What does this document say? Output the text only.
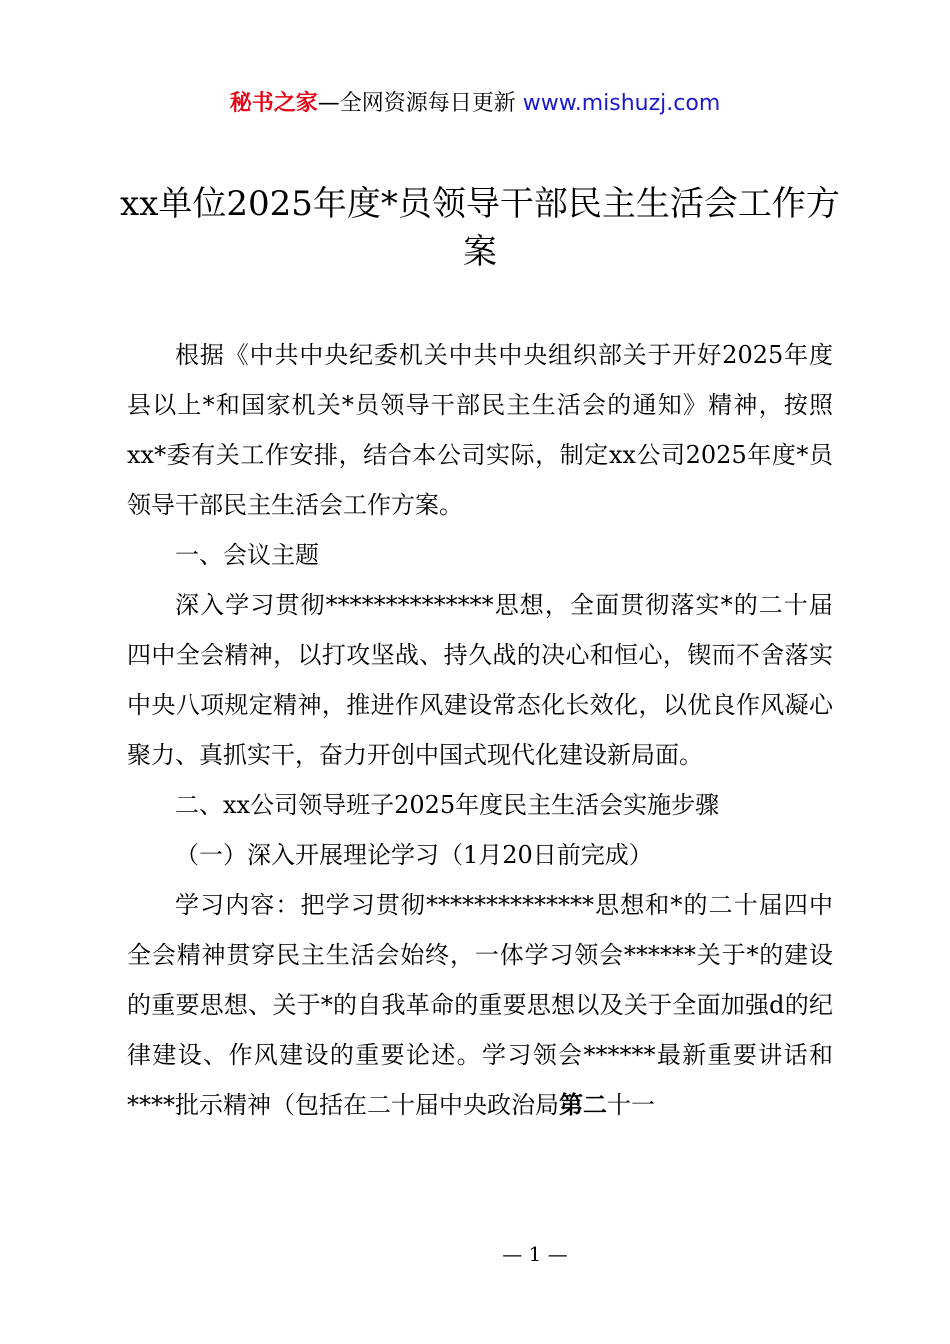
秘书之家—全网资源每日更新 www.mishuzj.com
xx单位2025年度*员领导干部民主生活会工作方案

根据《中共中央纪委机关中共中央组织部关于开好2025年度县以上*和国家机关*员领导干部民主生活会的通知》精神，按照xx*委有关工作安排，结合本公司实际，制定xx公司2025年度*员领导干部民主生活会工作方案。

一、会议主题

深入学习贯彻**************思想，全面贯彻落实*的二十届四中全会精神，以打攻坚战、持久战的决心和恒心，锲而不舍落实中央八项规定精神，推进作风建设常态化长效化，以优良作风凝心聚力、真抓实干，奋力开创中国式现代化建设新局面。

二、xx公司领导班子2025年度民主生活会实施步骤

（一）深入开展理论学习（1月20日前完成）

学习内容：把学习贯彻**************思想和*的二十届四中全会精神贯穿民主生活会始终，一体学习领会******关于*的建设的重要思想、关于*的自我革命的重要思想以及关于全面加强d的纪律建设、作风建设的重要论述。学习领会******最新重要讲话和****批示精神（包括在二十届中央政治局第二十一

— 1 —
